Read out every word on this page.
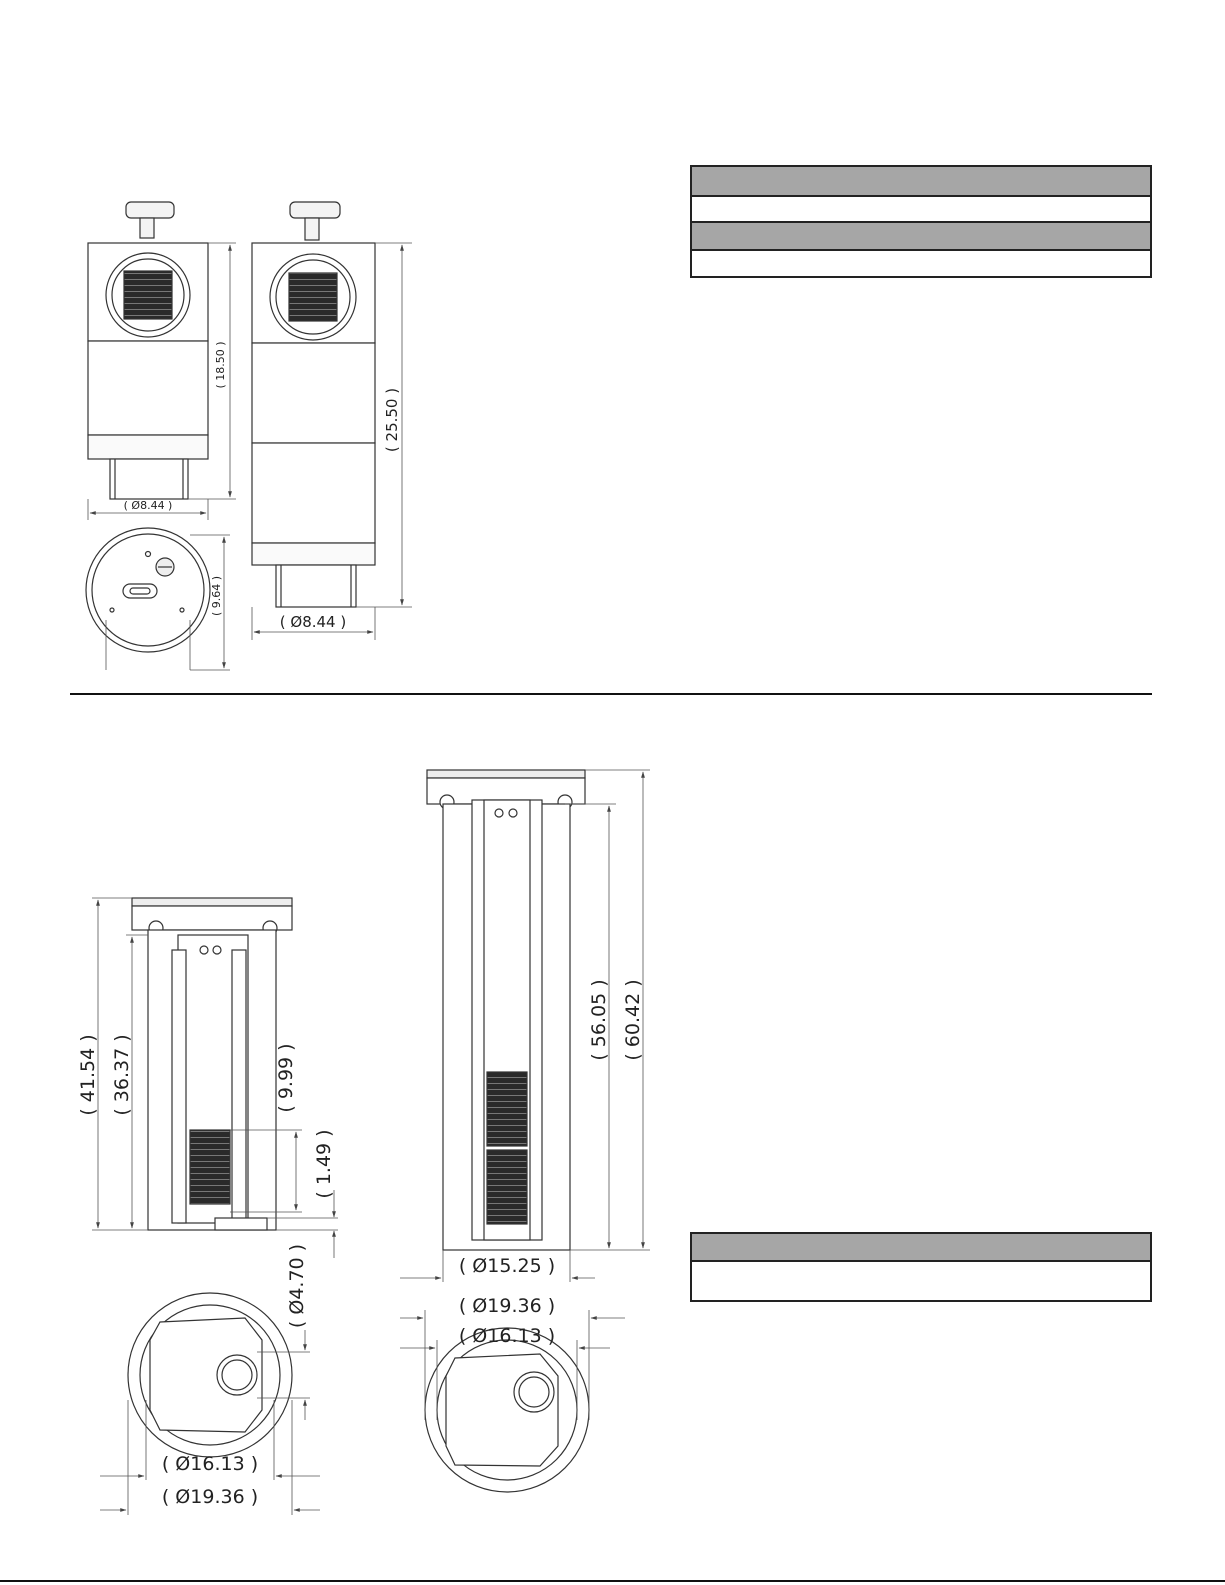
( 18.50 )
( Ø8.44 )
( 9.64 )
( 25.50 )
( Ø8.44 )
( 41.54 ) ( 36.37 )	( 9.99 )
( 1.49 )
( Ø4.70 )
( Ø16.13 )
( Ø19.36 )
( 56.05 ) ( 60.42 )
( Ø15.25 )
( Ø19.36 )
( Ø16.13 )
